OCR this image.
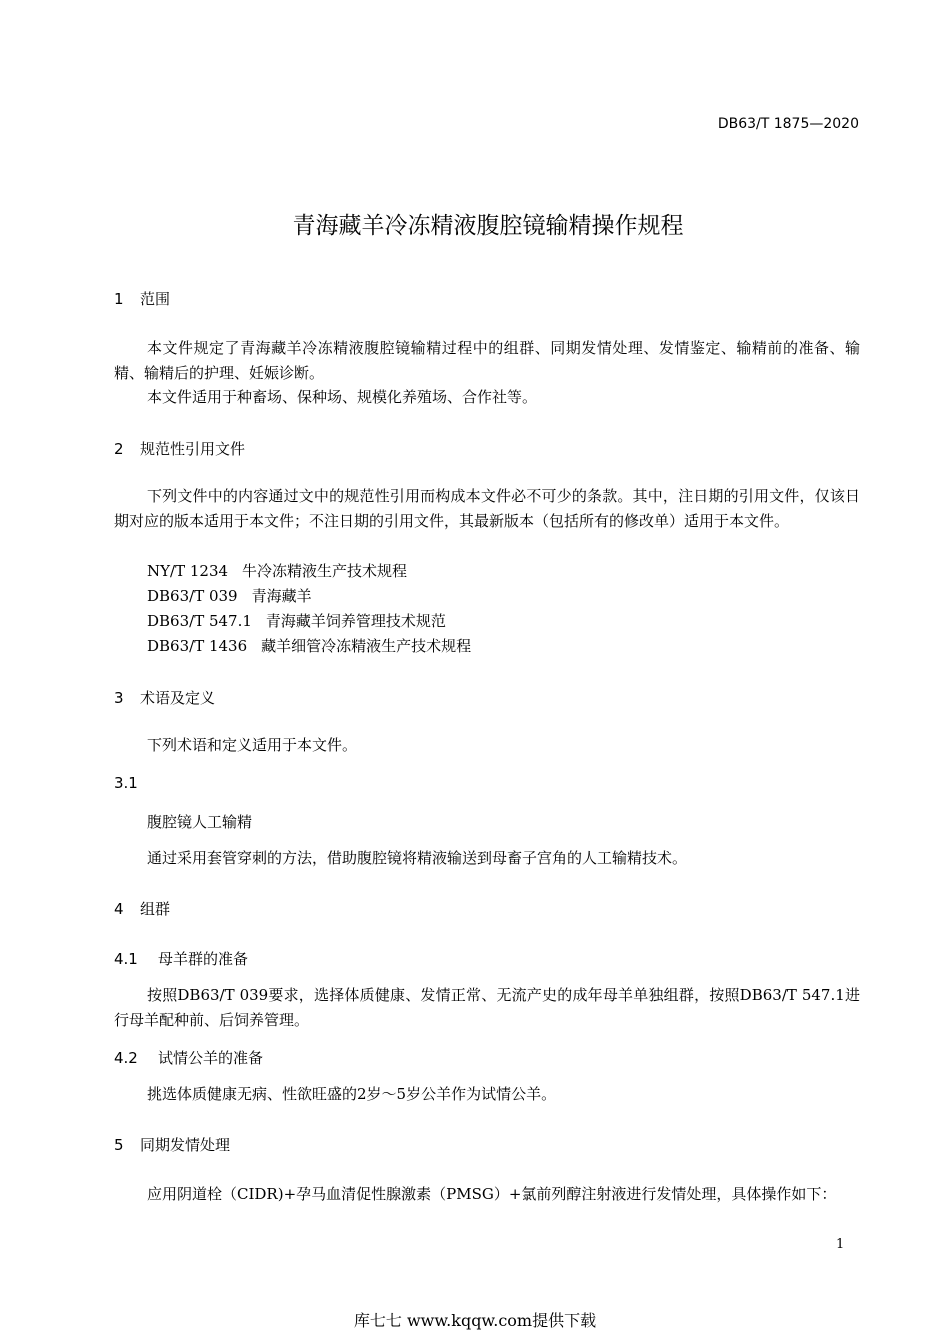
DB63/T 1875—2020
青海藏羊冷冻精液腹腔镜输精操作规程
1 范围
本文件规定了青海藏羊冷冻精液腹腔镜输精过程中的组群、同期发情处理、发情鉴定、输精前的准备、输精、输精后的护理、妊娠诊断。
本文件适用于种畜场、保种场、规模化养殖场、合作社等。
2 规范性引用文件
下列文件中的内容通过文中的规范性引用而构成本文件必不可少的条款。其中，注日期的引用文件，仅该日期对应的版本适用于本文件；不注日期的引用文件，其最新版本（包括所有的修改单）适用于本文件。
NY/T 1234 牛冷冻精液生产技术规程
DB63/T 039 青海藏羊
DB63/T 547.1 青海藏羊饲养管理技术规范
DB63/T 1436 藏羊细管冷冻精液生产技术规程
3 术语及定义
下列术语和定义适用于本文件。
3.1
腹腔镜人工输精
通过采用套管穿刺的方法，借助腹腔镜将精液输送到母畜子宫角的人工输精技术。
4 组群
4.1 母羊群的准备
按照DB63/T 039要求，选择体质健康、发情正常、无流产史的成年母羊单独组群，按照DB63/T 547.1进行母羊配种前、后饲养管理。
4.2 试情公羊的准备
挑选体质健康无病、性欲旺盛的2岁～5岁公羊作为试情公羊。
5 同期发情处理
应用阴道栓（CIDR)+孕马血清促性腺激素（PMSG）+氯前列醇注射液进行发情处理，具体操作如下：
1
库七七 www.kqqw.com提供下载
